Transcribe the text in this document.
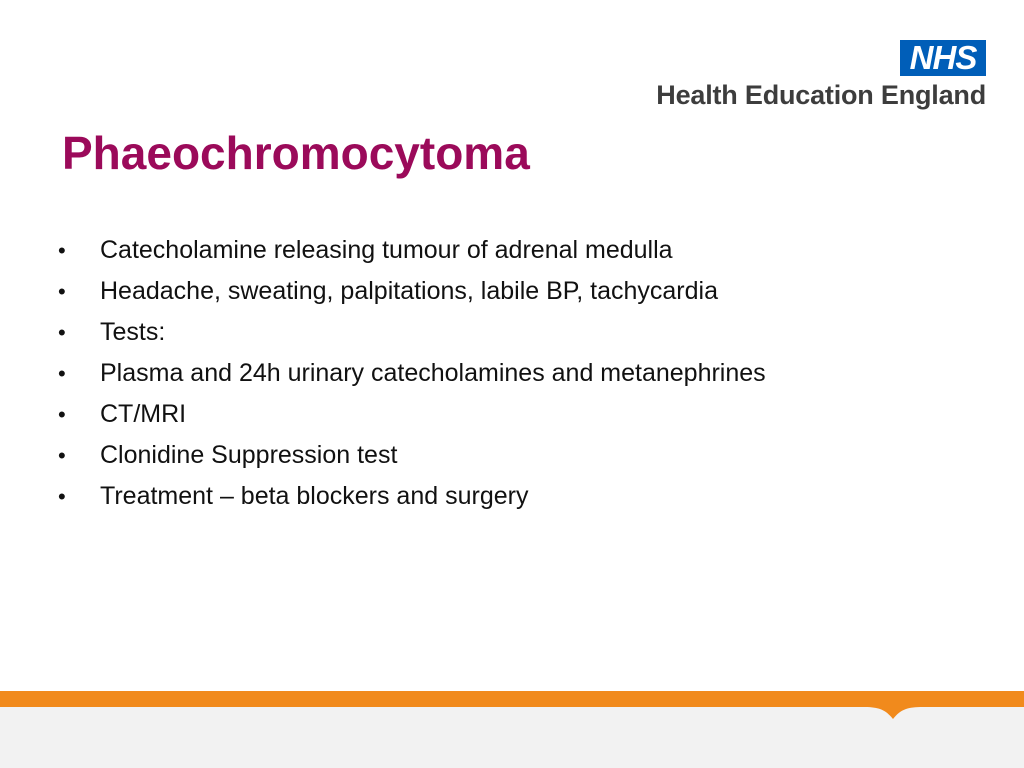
NHS
Health Education England
Phaeochromocytoma
•	Catecholamine releasing tumour of adrenal medulla
•	Headache, sweating, palpitations, labile BP, tachycardia
•	Tests:
•	Plasma and 24h urinary catecholamines and metanephrines
•	CT/MRI
•	Clonidine Suppression test
•	Treatment – beta blockers and surgery
